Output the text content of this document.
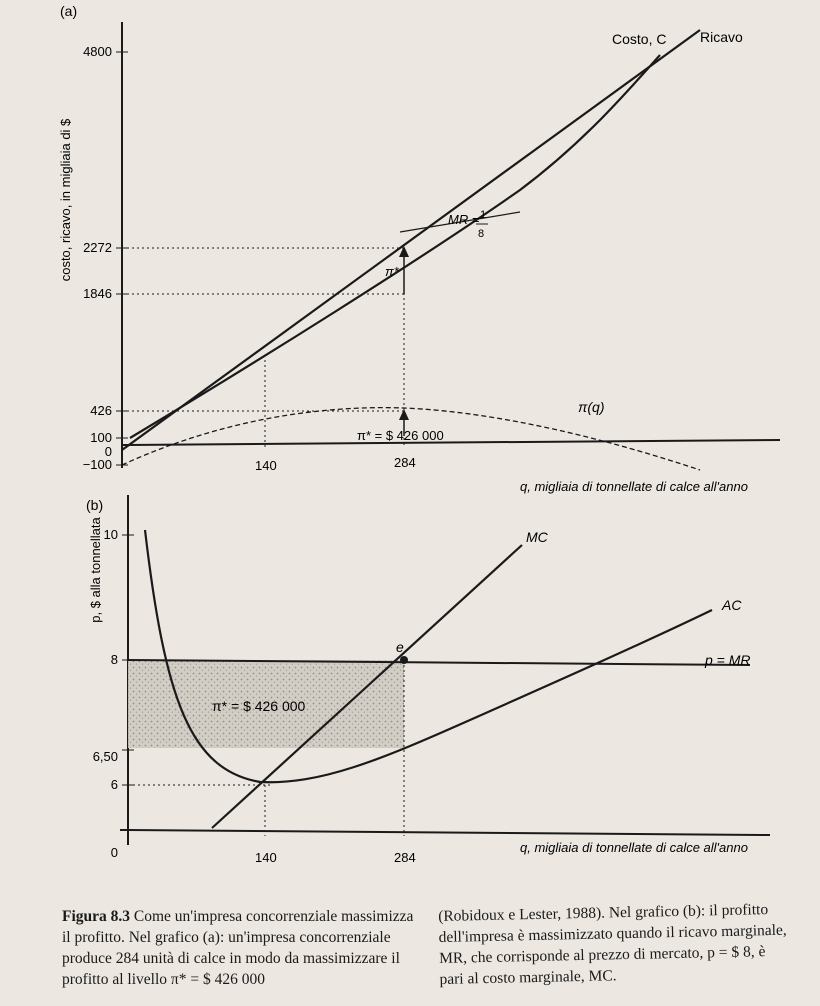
(a)
costo, ricavo, in migliaia di $
q, migliaia di tonnellate di calce all'anno
4800
2272
1846
426
100
0
−100
MR = 1
8
π*
π* = $ 426 000
140	284
Costo, C Ricavo
π(q)
(b)
p, $ alla tonnellata
q, migliaia di tonnellate di calce all'anno
π* = $ 426 000
10
8
6,50
6
0
p = MR
AC
MC
e
140	284
Figura 8.3 Come un'impresa concorrenziale massimizza il profitto. Nel grafico (a): un'impresa concorrenziale produce 284 unità di calce in modo da massimizzare il profitto al livello π* = $ 426 000
(Robidoux e Lester, 1988). Nel grafico (b): il profitto dell'impresa è massimizzato quando il ricavo marginale, MR, che corrisponde al prezzo di mercato, p = $ 8, è pari al costo marginale, MC.
